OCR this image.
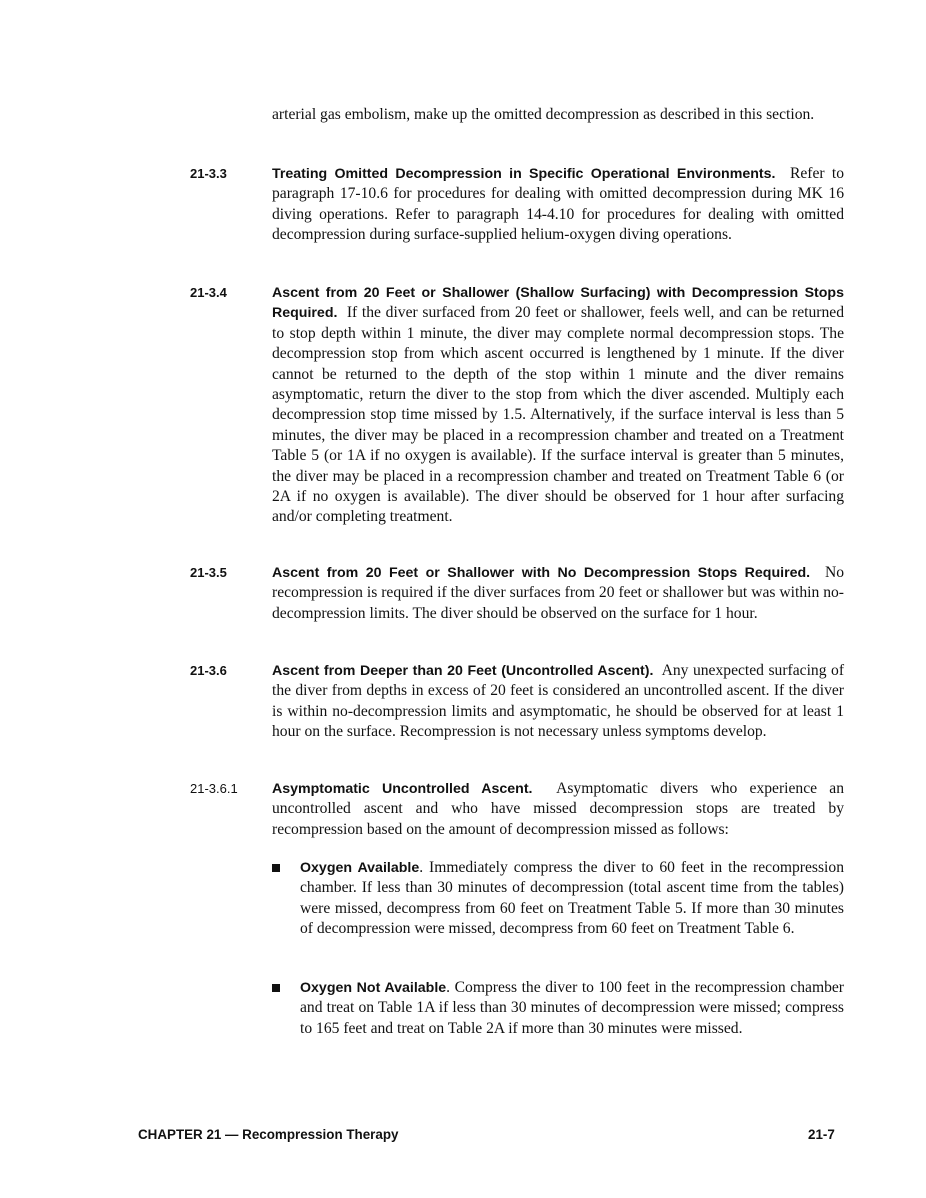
arterial gas embolism, make up the omitted decompression as described in this section.
21-3.3	Treating Omitted Decompression in Specific Operational Environments. Refer to paragraph 17-10.6 for procedures for dealing with omitted decompression during MK 16 diving operations. Refer to paragraph 14-4.10 for procedures for dealing with omitted decompression during surface-supplied helium-oxygen diving operations.
21-3.4	Ascent from 20 Feet or Shallower (Shallow Surfacing) with Decompression Stops Required. If the diver surfaced from 20 feet or shallower, feels well, and can be returned to stop depth within 1 minute, the diver may complete normal decompression stops. The decompression stop from which ascent occurred is lengthened by 1 minute. If the diver cannot be returned to the depth of the stop within 1 minute and the diver remains asymptomatic, return the diver to the stop from which the diver ascended. Multiply each decompression stop time missed by 1.5. Alternatively, if the surface interval is less than 5 minutes, the diver may be placed in a recompression chamber and treated on a Treatment Table 5 (or 1A if no oxygen is available). If the surface interval is greater than 5 minutes, the diver may be placed in a recompression chamber and treated on Treatment Table 6 (or 2A if no oxygen is available). The diver should be observed for 1 hour after surfacing and/or completing treatment.
21-3.5	Ascent from 20 Feet or Shallower with No Decompression Stops Required. No recompression is required if the diver surfaces from 20 feet or shallower but was within no-decompression limits. The diver should be observed on the surface for 1 hour.
21-3.6	Ascent from Deeper than 20 Feet (Uncontrolled Ascent). Any unexpected surfacing of the diver from depths in excess of 20 feet is considered an uncontrolled ascent. If the diver is within no-decompression limits and asymptomatic, he should be observed for at least 1 hour on the surface. Recompression is not necessary unless symptoms develop.
21-3.6.1 Asymptomatic Uncontrolled Ascent. Asymptomatic divers who experience an uncontrolled ascent and who have missed decompression stops are treated by recompression based on the amount of decompression missed as follows:
Oxygen Available. Immediately compress the diver to 60 feet in the recompression chamber. If less than 30 minutes of decompression (total ascent time from the tables) were missed, decompress from 60 feet on Treatment Table 5. If more than 30 minutes of decompression were missed, decompress from 60 feet on Treatment Table 6.
Oxygen Not Available. Compress the diver to 100 feet in the recompression chamber and treat on Table 1A if less than 30 minutes of decompression were missed; compress to 165 feet and treat on Table 2A if more than 30 minutes were missed.
CHAPTER 21 — Recompression Therapy	21-7
